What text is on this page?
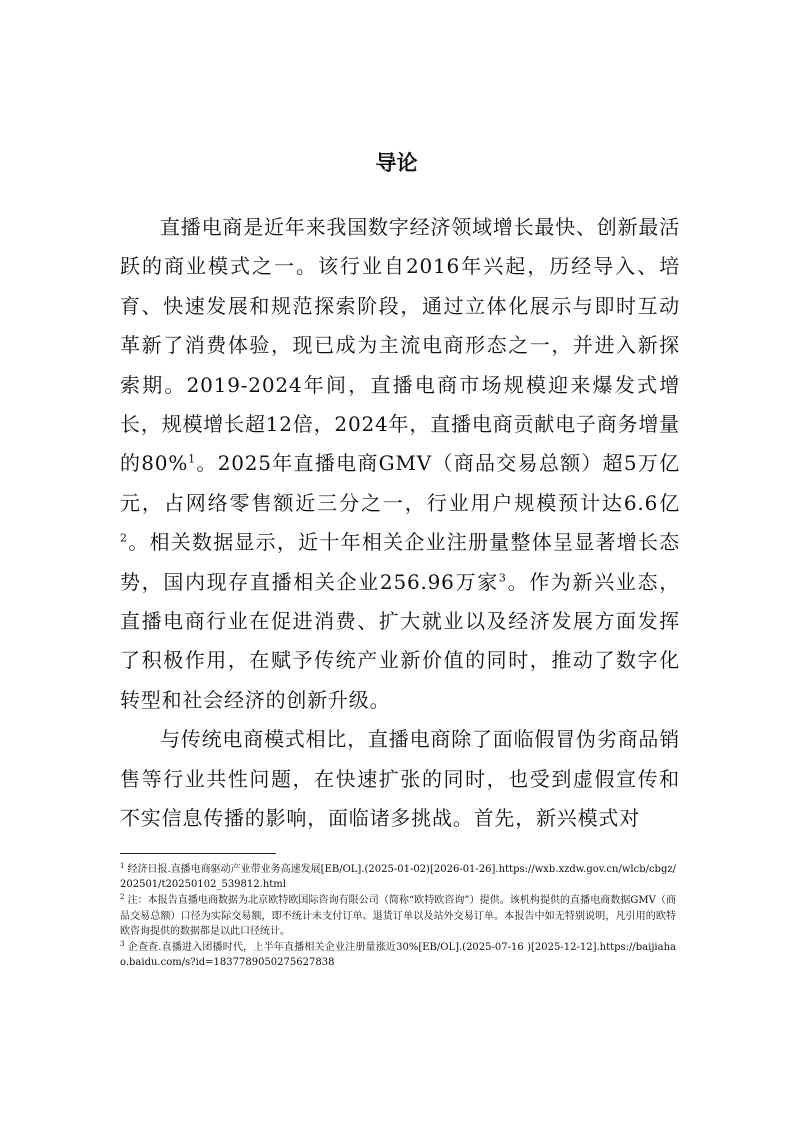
导论

直播电商是近年来我国数字经济领域增长最快、创新最活跃的商业模式之一。该行业自2016年兴起，历经导入、培育、快速发展和规范探索阶段，通过立体化展示与即时互动革新了消费体验，现已成为主流电商形态之一，并进入新探索期。2019-2024年间，直播电商市场规模迎来爆发式增长，规模增长超12倍，2024年，直播电商贡献电子商务增量的80%$^1$。2025年直播电商GMV（商品交易总额）超5万亿元，占网络零售额近三分之一，行业用户规模预计达6.6亿$^2$。相关数据显示，近十年相关企业注册量整体呈显著增长态势，国内现存直播相关企业256.96万家$^3$。作为新兴业态，直播电商行业在促进消费、扩大就业以及经济发展方面发挥了积极作用，在赋予传统产业新价值的同时，推动了数字化转型和社会经济的创新升级。

与传统电商模式相比，直播电商除了面临假冒伪劣商品销售等行业共性问题，在快速扩张的同时，也受到虚假宣传和不实信息传播的影响，面临诸多挑战。首先，新兴模式对

$^1$ 经济日报.直播电商驱动产业带业务高速发展[EB/OL].(2025-01-02)[2026-01-26].https://wxb.xzdw.gov.cn/wlcb/cbgz/202501/t20250102_539812.html

$^2$ 注：本报告直播电商数据为北京欧特欧国际咨询有限公司（简称“欧特欧咨询”）提供。该机构提供的直播电商数据GMV（商品交易总额）口径为实际交易额，即不统计未支付订单、退货订单以及站外交易订单。本报告中如无特别说明，凡引用的欧特欧咨询提供的数据都是以此口径统计。

$^3$ 企查查.直播进入团播时代，上半年直播相关企业注册量涨近30%[EB/OL].(2025-07-16 )[2025-12-12].https://baijiahao.baidu.com/s?id=1837789050275627838
